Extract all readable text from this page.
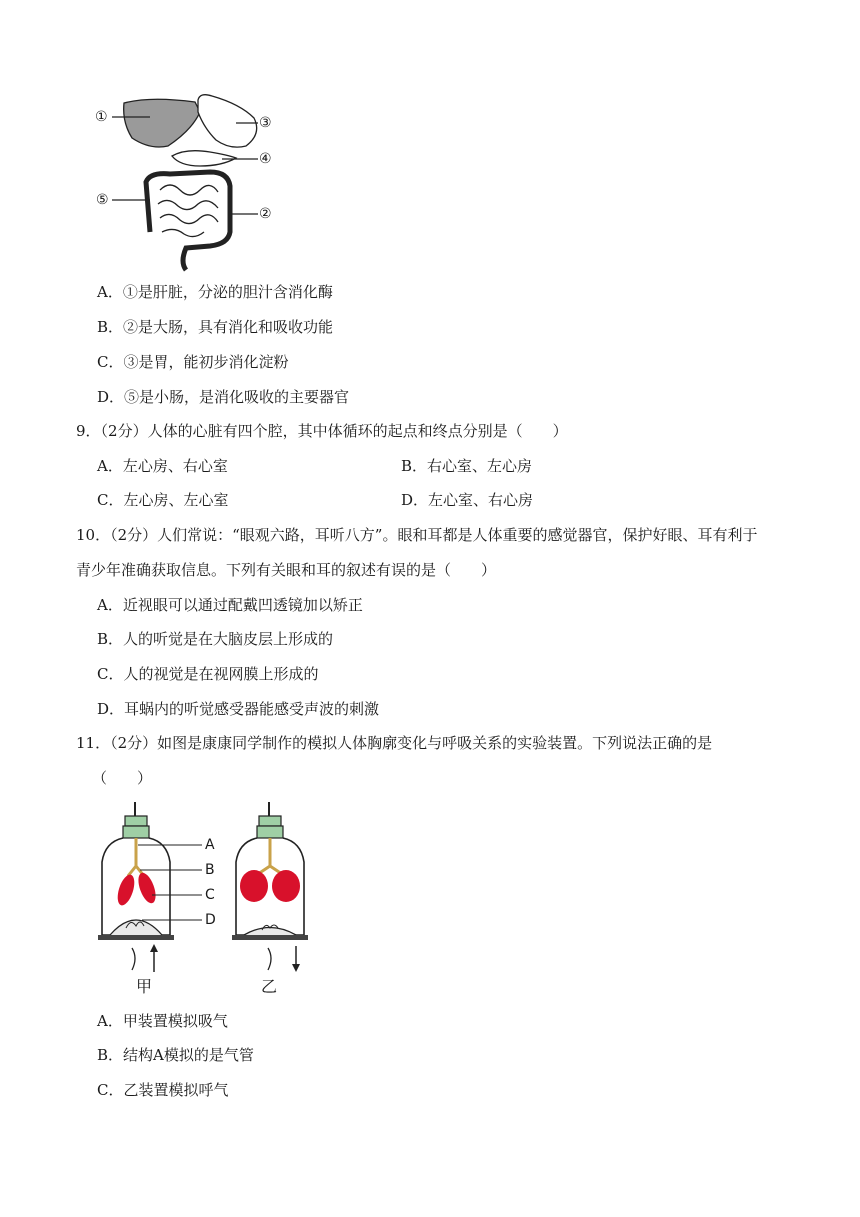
①	③
④
⑤
②
A．①是肝脏，分泌的胆汁含消化酶
B．②是大肠，具有消化和吸收功能
C．③是胃，能初步消化淀粉
D．⑤是小肠，是消化吸收的主要器官
9．（2分）人体的心脏有四个腔，其中体循环的起点和终点分别是（　　）
A．左心房、右心室	B．右心室、左心房
C．左心房、左心室	D．左心室、右心房
10．（2分）人们常说：“眼观六路，耳听八方”。眼和耳都是人体重要的感觉器官，保护好眼、耳有利于
青少年准确获取信息。下列有关眼和耳的叙述有误的是（　　）
A．近视眼可以通过配戴凹透镜加以矫正
B．人的听觉是在大脑皮层上形成的
C．人的视觉是在视网膜上形成的
D．耳蜗内的听觉感受器能感受声波的刺激
11．（2分）如图是康康同学制作的模拟人体胸廓变化与呼吸关系的实验装置。下列说法正确的是
（　　）
A
B
C
D
甲	乙
A．甲装置模拟吸气
B．结构A模拟的是气管
C．乙装置模拟呼气
